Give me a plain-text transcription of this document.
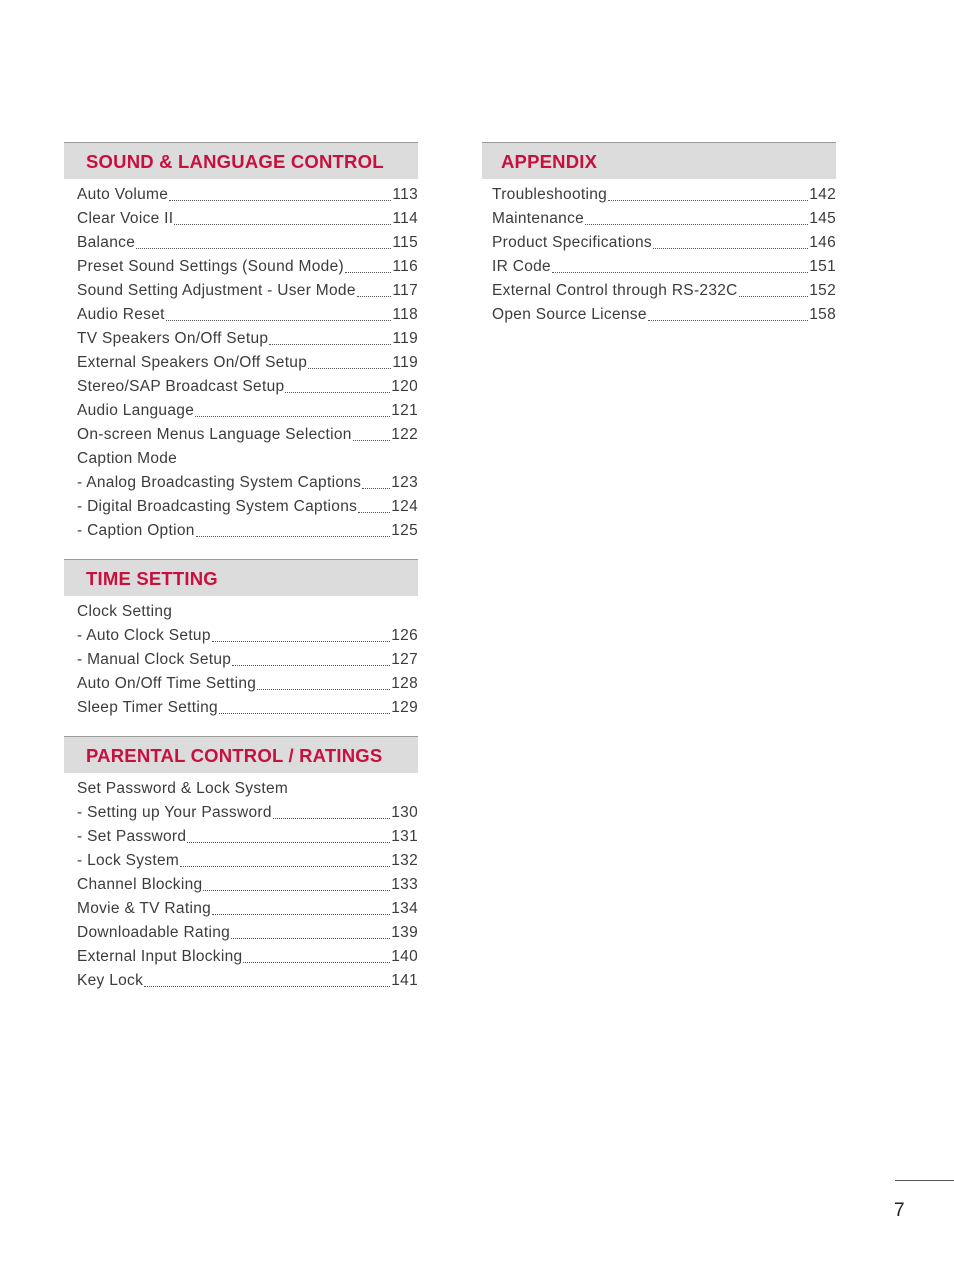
SOUND & LANGUAGE CONTROL
Auto Volume	113
Clear Voice II	114
Balance	115
Preset Sound Settings (Sound Mode)	116
Sound Setting Adjustment - User Mode 117
Audio Reset	118
TV Speakers On/Off Setup	119
External Speakers On/Off Setup	119
Stereo/SAP Broadcast Setup	120
Audio Language	121
On-screen Menus Language Selection	122
Caption Mode
- Analog Broadcasting System Captions 123
- Digital Broadcasting System Captions 124
- Caption Option	125
TIME SETTING
Clock Setting
- Auto Clock Setup	126
- Manual Clock Setup	127
Auto On/Off Time Setting	128
Sleep Timer Setting	129
PARENTAL CONTROL / RATINGS
Set Password & Lock System
- Setting up Your Password	130
- Set Password	131
- Lock System	132
Channel Blocking	133
Movie & TV Rating	134
Downloadable Rating	139
External Input Blocking	140
Key Lock	141
APPENDIX
Troubleshooting	142
Maintenance	145
Product Specifications	146
IR Code	151
External Control through RS-232C	152
Open Source License	158
7
